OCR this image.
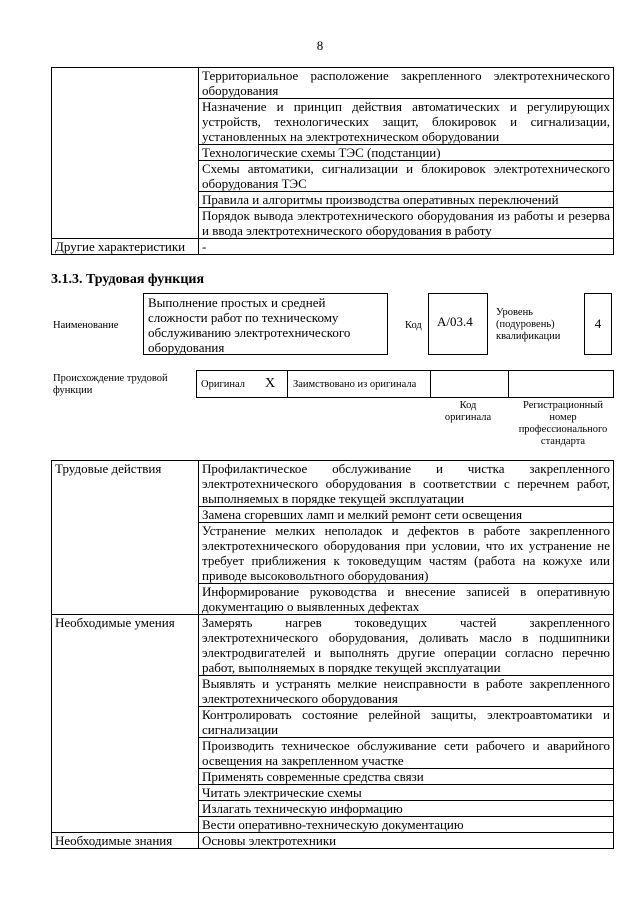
8
	Территориальное расположение закрепленного электротехнического оборудования
	Назначение и принцип действия автоматических и регулирующих устройств, технологических защит, блокировок и сигнализации, установленных на электротехническом оборудовании
	Технологические схемы ТЭС (подстанции)
	Схемы автоматики, сигнализации и блокировок электротехнического оборудования ТЭС
	Правила и алгоритмы производства оперативных переключений
	Порядок вывода электротехнического оборудования из работы и резерва и ввода электротехнического оборудования в работу
Другие характеристики	-
3.1.3. Трудовая функция
Наименование
Выполнение простых и средней сложности работ по техническому обслуживанию электротехнического оборудования
Код	А/03.4
Уровень (подуровень) квалификации
4
Происхождение трудовой функции
Оригинал X Заимствовано из оригинала
Код оригинала
Регистрационный номер профессионального стандарта
Трудовые действия	Профилактическое обслуживание и чистка закрепленного электротехнического оборудования в соответствии с перечнем работ, выполняемых в порядке текущей эксплуатации
	Замена сгоревших ламп и мелкий ремонт сети освещения
	Устранение мелких неполадок и дефектов в работе закрепленного электротехнического оборудования при условии, что их устранение не требует приближения к токоведущим частям (работа на кожухе или приводе высоковольтного оборудования)
	Информирование руководства и внесение записей в оперативную документацию о выявленных дефектах
Необходимые умения	Замерять нагрев токоведущих частей закрепленного электротехнического оборудования, доливать масло в подшипники электродвигателей и выполнять другие операции согласно перечню работ, выполняемых в порядке текущей эксплуатации
	Выявлять и устранять мелкие неисправности в работе закрепленного электротехнического оборудования
	Контролировать состояние релейной защиты, электроавтоматики и сигнализации
	Производить техническое обслуживание сети рабочего и аварийного освещения на закрепленном участке
	Применять современные средства связи
	Читать электрические схемы
	Излагать техническую информацию
	Вести оперативно-техническую документацию
Необходимые знания	Основы электротехники
